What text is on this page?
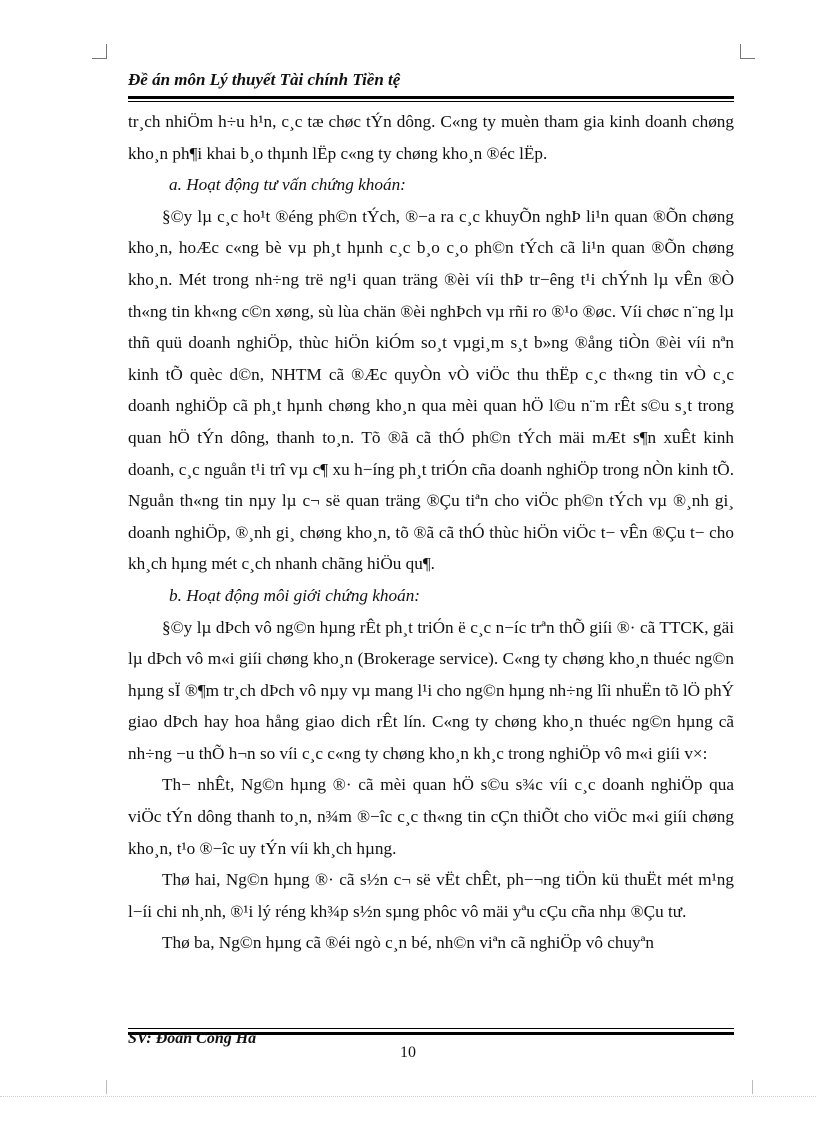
Đề án môn Lý thuyết Tài chính Tiền tệ

tr¸ch nhiÖm h÷u h¹n, c¸c tæ chøc tÝn dông. C«ng ty muèn tham gia kinh doanh chøng kho¸n ph¶i khai b¸o thµnh lËp c«ng ty chøng kho¸n ®éc lËp.

a. Hoạt động tư vấn chứng khoán:

§©y lµ c¸c ho¹t ®éng ph©n tÝch, ®−a ra c¸c khuyÕn nghÞ li¹n quan ®Õn chøng kho¸n, hoÆc c«ng bè vµ ph¸t hµnh c¸c b¸o c¸o ph©n tÝch cã li¹n quan ®Õn chøng kho¸n. Mét trong nh÷ng trë ng¹i quan träng ®èi víi thÞ tr−êng t¹i chÝnh lµ vÊn ®Ò th«ng tin kh«ng c©n xøng, sù lùa chän ®èi nghÞch vµ rñi ro ®¹o ®øc. Víi chøc n¨ng lµ thñ quü doanh nghiÖp, thùc hiÖn kiÓm so¸t vµgi¸m s¸t b»ng ®ång tiÒn ®èi víi nªn kinh tÕ quèc d©n, NHTM cã ®Æc quyÒn vÒ viÖc thu thËp c¸c th«ng tin vÒ c¸c doanh nghiÖp cã ph¸t hµnh chøng kho¸n qua mèi quan hÖ l©u n¨m rÊt s©u s¸t trong quan hÖ tÝn dông, thanh to¸n. Tõ ®ã cã thÓ ph©n tÝch mäi mÆt s¶n xuÊt kinh doanh, c¸c nguån t¹i trî vµ c¶ xu h−íng ph¸t triÓn cña doanh nghiÖp trong nÒn kinh tÕ. Nguån th«ng tin nµy lµ c¬ së quan träng ®Çu tiªn cho viÖc ph©n tÝch vµ ®¸nh gi¸ doanh nghiÖp, ®¸nh gi¸ chøng kho¸n, tõ ®ã cã thÓ thùc hiÖn viÖc t− vÊn ®Çu t− cho kh¸ch hµng mét c¸ch nhanh chãng hiÖu qu¶.

b. Hoạt động môi giới chứng khoán:

§©y lµ dÞch vô ng©n hµng rÊt ph¸t triÓn ë c¸c n−íc trªn thÕ giíi ®· cã TTCK, gäi lµ dÞch vô m«i giíi chøng kho¸n (Brokerage service). C«ng ty chøng kho¸n thuéc ng©n hµng sÏ ®¶m tr¸ch dÞch vô nµy vµ mang l¹i cho ng©n hµng nh÷ng lîi nhuËn tõ lÖ phÝ giao dÞch hay hoa hång giao dich rÊt lín. C«ng ty chøng kho¸n thuéc ng©n hµng cã nh÷ng −u thÕ h¬n so víi c¸c c«ng ty chøng kho¸n kh¸c trong nghiÖp vô m«i giíi v×:

Th− nhÊt, Ng©n hµng ®· cã mèi quan hÖ s©u s¾c víi c¸c doanh nghiÖp qua viÖc tÝn dông thanh to¸n, n¾m ®−îc c¸c th«ng tin cÇn thiÕt cho viÖc m«i giíi chøng kho¸n, t¹o ®−îc uy tÝn víi kh¸ch hµng.

Thø hai, Ng©n hµng ®· cã s½n c¬ së vËt chÊt, ph−¬ng tiÖn kü thuËt mét m¹ng l−íi chi nh¸nh, ®¹i lý réng kh¾p s½n sµng phôc vô mäi yªu cÇu cña nhµ ®Çu tư.

Thø ba, Ng©n hµng cã ®éi ngò c¸n bé, nh©n viªn cã nghiÖp vô chuyªn

SV: Đoàn Công Hà
10
